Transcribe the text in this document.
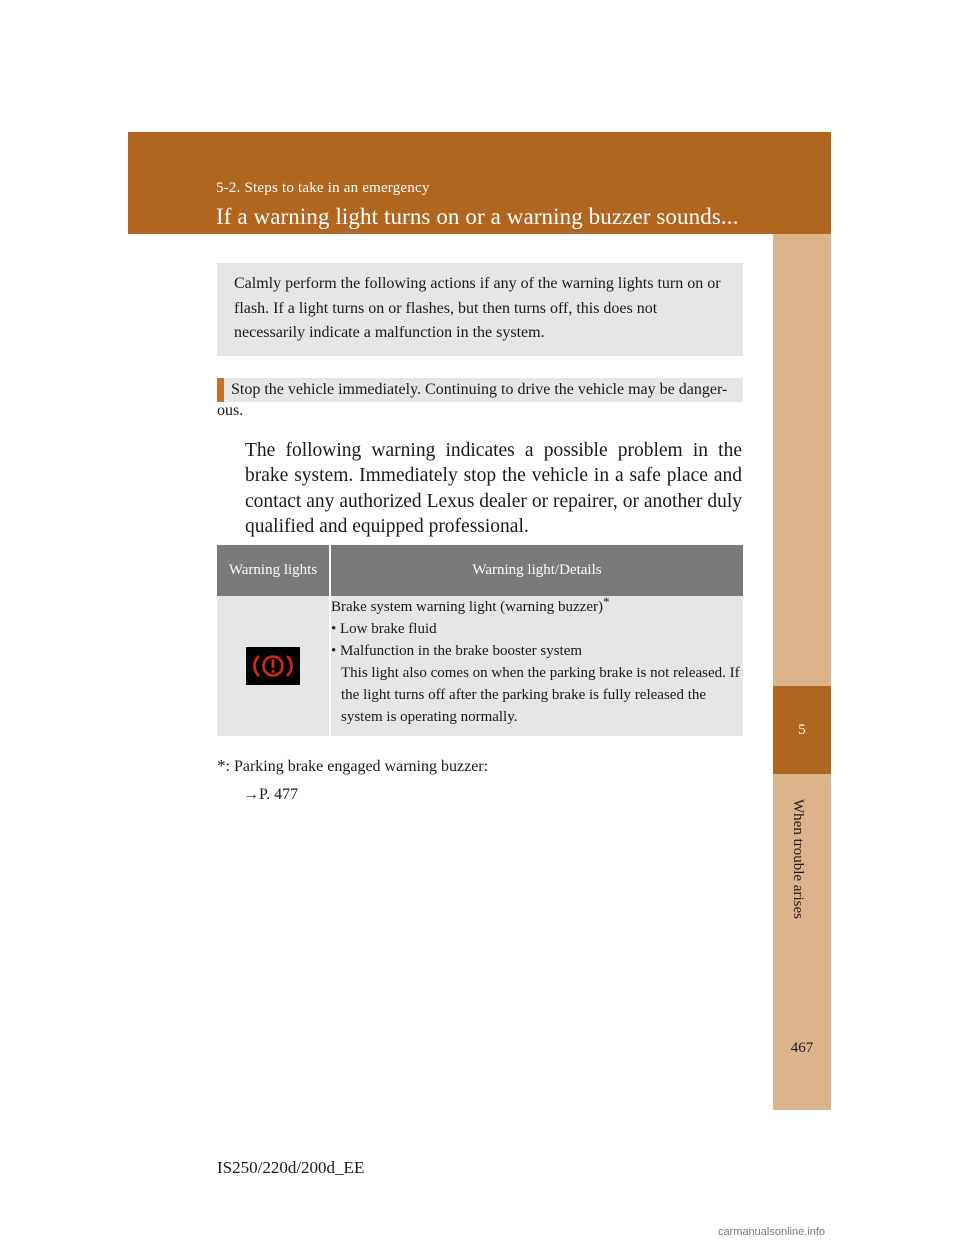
5-2. Steps to take in an emergency
If a warning light turns on or a warning buzzer sounds...
5
When trouble arises
467
Calmly perform the following actions if any of the warning lights turn on or flash. If a light turns on or flashes, but then turns off, this does not necessarily indicate a malfunction in the system.
Stop the vehicle immediately. Continuing to drive the vehicle may be danger-
ous.
The following warning indicates a possible problem in the brake system. Immediately stop the vehicle in a safe place and contact any authorized Lexus dealer or repairer, or another duly qualified and equipped professional.
Warning lights	Warning light/Details

Brake system warning light (warning buzzer)*
• Low brake fluid
• Malfunction in the brake booster system
This light also comes on when the parking brake is not released. If the light turns off after the parking brake is fully released the system is operating normally.
*: Parking brake engaged warning buzzer:
→P. 477
IS250/220d/200d_EE
carmanualsonline.info
